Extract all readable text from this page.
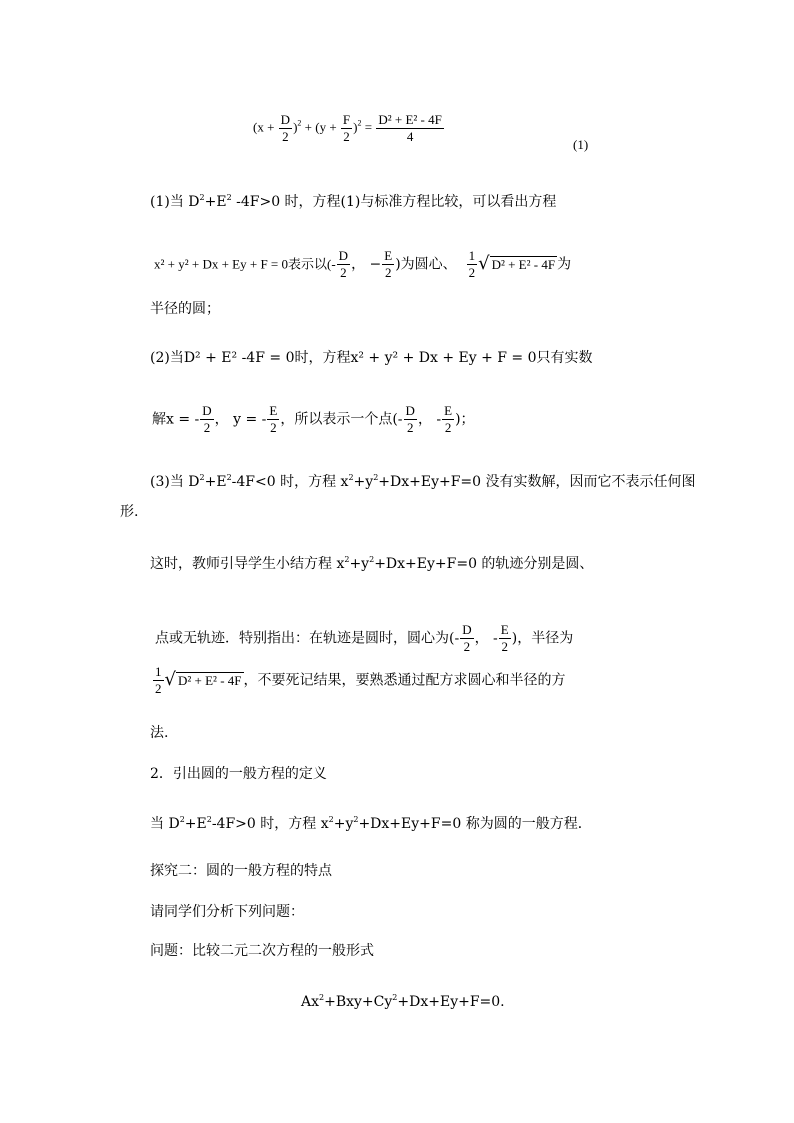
$(x + \frac{D}{2} )^2 + (y + \frac{F}{2} )^2 = \frac{\text{D² + E² - 4F}}{4}$	(1)
(1)当 $D^2+E^2$ -4F>0 时，方程(1)与标准方程比较，可以看出方程
x² + y² + Dx + Ey + F = 0表示以(- $\frac{D}{2}$ ， − $\frac{E}{2}$ )为圆心、 $\frac{1}{2}$ √ D² + E² - 4F 为
半径的圆；
(2)当D² + E² -4F = 0时，方程x² + y² + Dx + Ey + F = 0只有实数
解x = - $\frac{D}{2}$ ， y = - $\frac{E}{2}$ ，所以表示一个点(- $\frac{D}{2}$ ， - $\frac{E}{2}$ )；
(3)当 $D^2+E^2-4F<0$ 时，方程 $x^2+y^2+Dx+Ey+F=0$ 没有实数解，因而它不表示任何图
形.
这时，教师引导学生小结方程 $x^2+y^2+Dx+Ey+F=0$ 的轨迹分别是圆、
点或无轨迹．特别指出：在轨迹是圆时，圆心为(- $\frac{D}{2}$ ， - $\frac{E}{2}$ )，半径为
$\frac{1}{2}$ √ D² + E² - 4F ，不要死记结果，要熟悉通过配方求圆心和半径的方
法.
2．引出圆的一般方程的定义
当 $D^2+E^2-4F>0$ 时，方程 $x^2+y^2+Dx+Ey+F=0$ 称为圆的一般方程．
探究二：圆的一般方程的特点
请同学们分析下列问题：
问题：比较二元二次方程的一般形式
$Ax^2+Bxy+Cy^2+Dx+Ey+F=0$.
